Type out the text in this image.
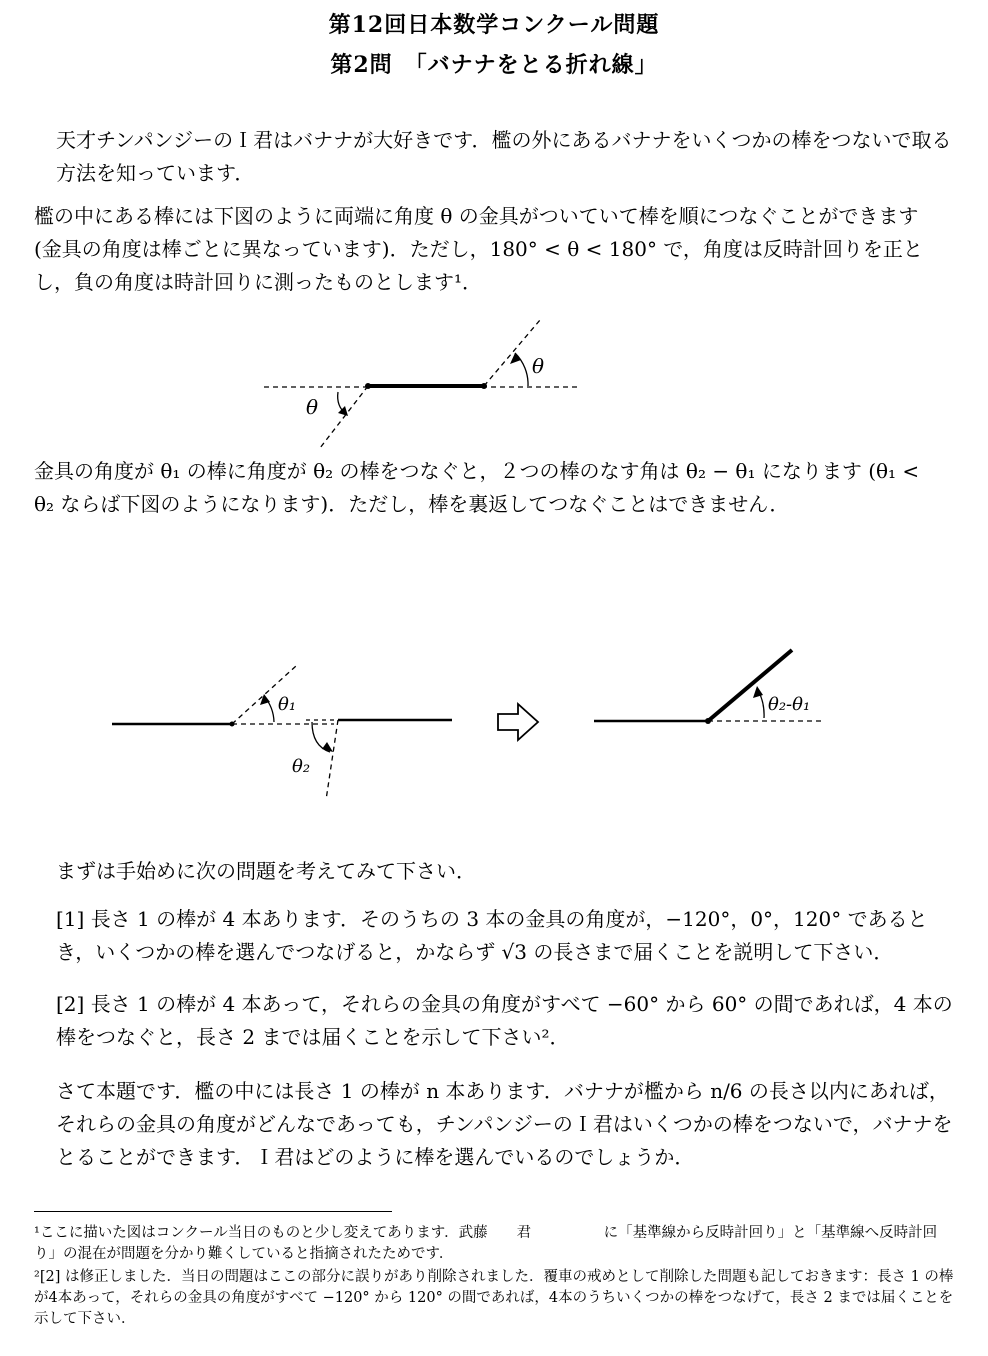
第12回日本数学コンクール問題
第2問　「バナナをとる折れ線」
天才チンパンジーのＩ君はバナナが大好きです．檻の外にあるバナナをいくつかの棒をつないで取る方法を知っています．
檻の中にある棒には下図のように両端に角度 θ の金具がついていて棒を順につなぐことができます(金具の角度は棒ごとに異なっています)．ただし，180° < θ < 180° で，角度は反時計回りを正とし，負の角度は時計回りに測ったものとします¹．
θ
θ
金具の角度が θ₁ の棒に角度が θ₂ の棒をつなぐと，２つの棒のなす角は θ₂ − θ₁ になります (θ₁ < θ₂ ならば下図のようになります)．ただし，棒を裏返してつなぐことはできません．
θ₁
θ₂
θ₂-θ₁
まずは手始めに次の問題を考えてみて下さい．
[1] 長さ 1 の棒が 4 本あります．そのうちの 3 本の金具の角度が，−120°，0°，120° であるとき，いくつかの棒を選んでつなげると，かならず √3 の長さまで届くことを説明して下さい．
[2] 長さ 1 の棒が 4 本あって，それらの金具の角度がすべて −60° から 60° の間であれば，4 本の棒をつなぐと，長さ 2 までは届くことを示して下さい²．
さて本題です．檻の中には長さ 1 の棒が n 本あります．バナナが檻から n/6 の長さ以内にあれば，それらの金具の角度がどんなであっても，チンパンジーのＩ君はいくつかの棒をつないで，バナナをとることができます．Ｉ君はどのように棒を選んでいるのでしょうか．
¹ここに描いた図はコンクール当日のものと少し変えてあります．武藤　　君　　　　　に「基準線から反時計回り」と「基準線へ反時計回り」の混在が問題を分かり難くしていると指摘されたためです．
²[2] は修正しました．当日の問題はここの部分に誤りがあり削除されました．覆車の戒めとして削除した問題も記しておきます：長さ 1 の棒が4本あって，それらの金具の角度がすべて −120° から 120° の間であれば，4本のうちいくつかの棒をつなげて，長さ 2 までは届くことを示して下さい．
